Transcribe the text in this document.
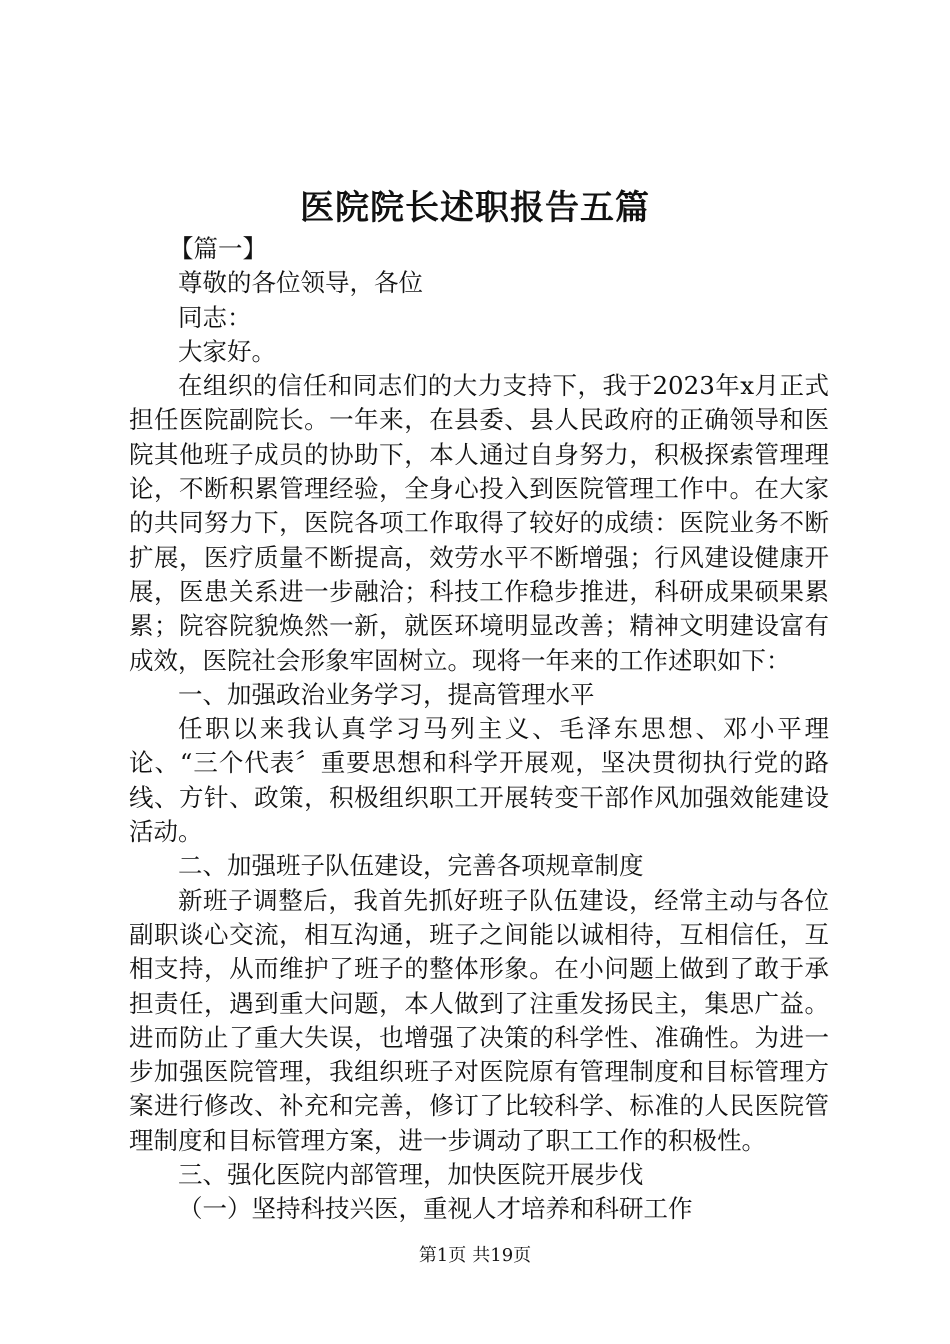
医院院长述职报告五篇

【篇一】

尊敬的各位领导，各位

同志：

大家好。

在组织的信任和同志们的大力支持下，我于2023年x月正式担任医院副院长。一年来，在县委、县人民政府的正确领导和医院其他班子成员的协助下，本人通过自身努力，积极探索管理理论，不断积累管理经验，全身心投入到医院管理工作中。在大家的共同努力下，医院各项工作取得了较好的成绩：医院业务不断扩展，医疗质量不断提高，效劳水平不断增强；行风建设健康开展，医患关系进一步融洽；科技工作稳步推进，科研成果硕果累累；院容院貌焕然一新，就医环境明显改善；精神文明建设富有成效，医院社会形象牢固树立。现将一年来的工作述职如下：

一、加强政治业务学习，提高管理水平

任职以来我认真学习马列主义、毛泽东思想、邓小平理论、“三个代表〞重要思想和科学开展观，坚决贯彻执行党的路线、方针、政策，积极组织职工开展转变干部作风加强效能建设活动。

二、加强班子队伍建设，完善各项规章制度

新班子调整后，我首先抓好班子队伍建设，经常主动与各位副职谈心交流，相互沟通，班子之间能以诚相待，互相信任，互相支持，从而维护了班子的整体形象。在小问题上做到了敢于承担责任，遇到重大问题，本人做到了注重发扬民主，集思广益。进而防止了重大失误，也增强了决策的科学性、准确性。为进一步加强医院管理，我组织班子对医院原有管理制度和目标管理方案进行修改、补充和完善，修订了比较科学、标准的人民医院管理制度和目标管理方案，进一步调动了职工工作的积极性。

三、强化医院内部管理，加快医院开展步伐

（一）坚持科技兴医，重视人才培养和科研工作

第1页 共19页
